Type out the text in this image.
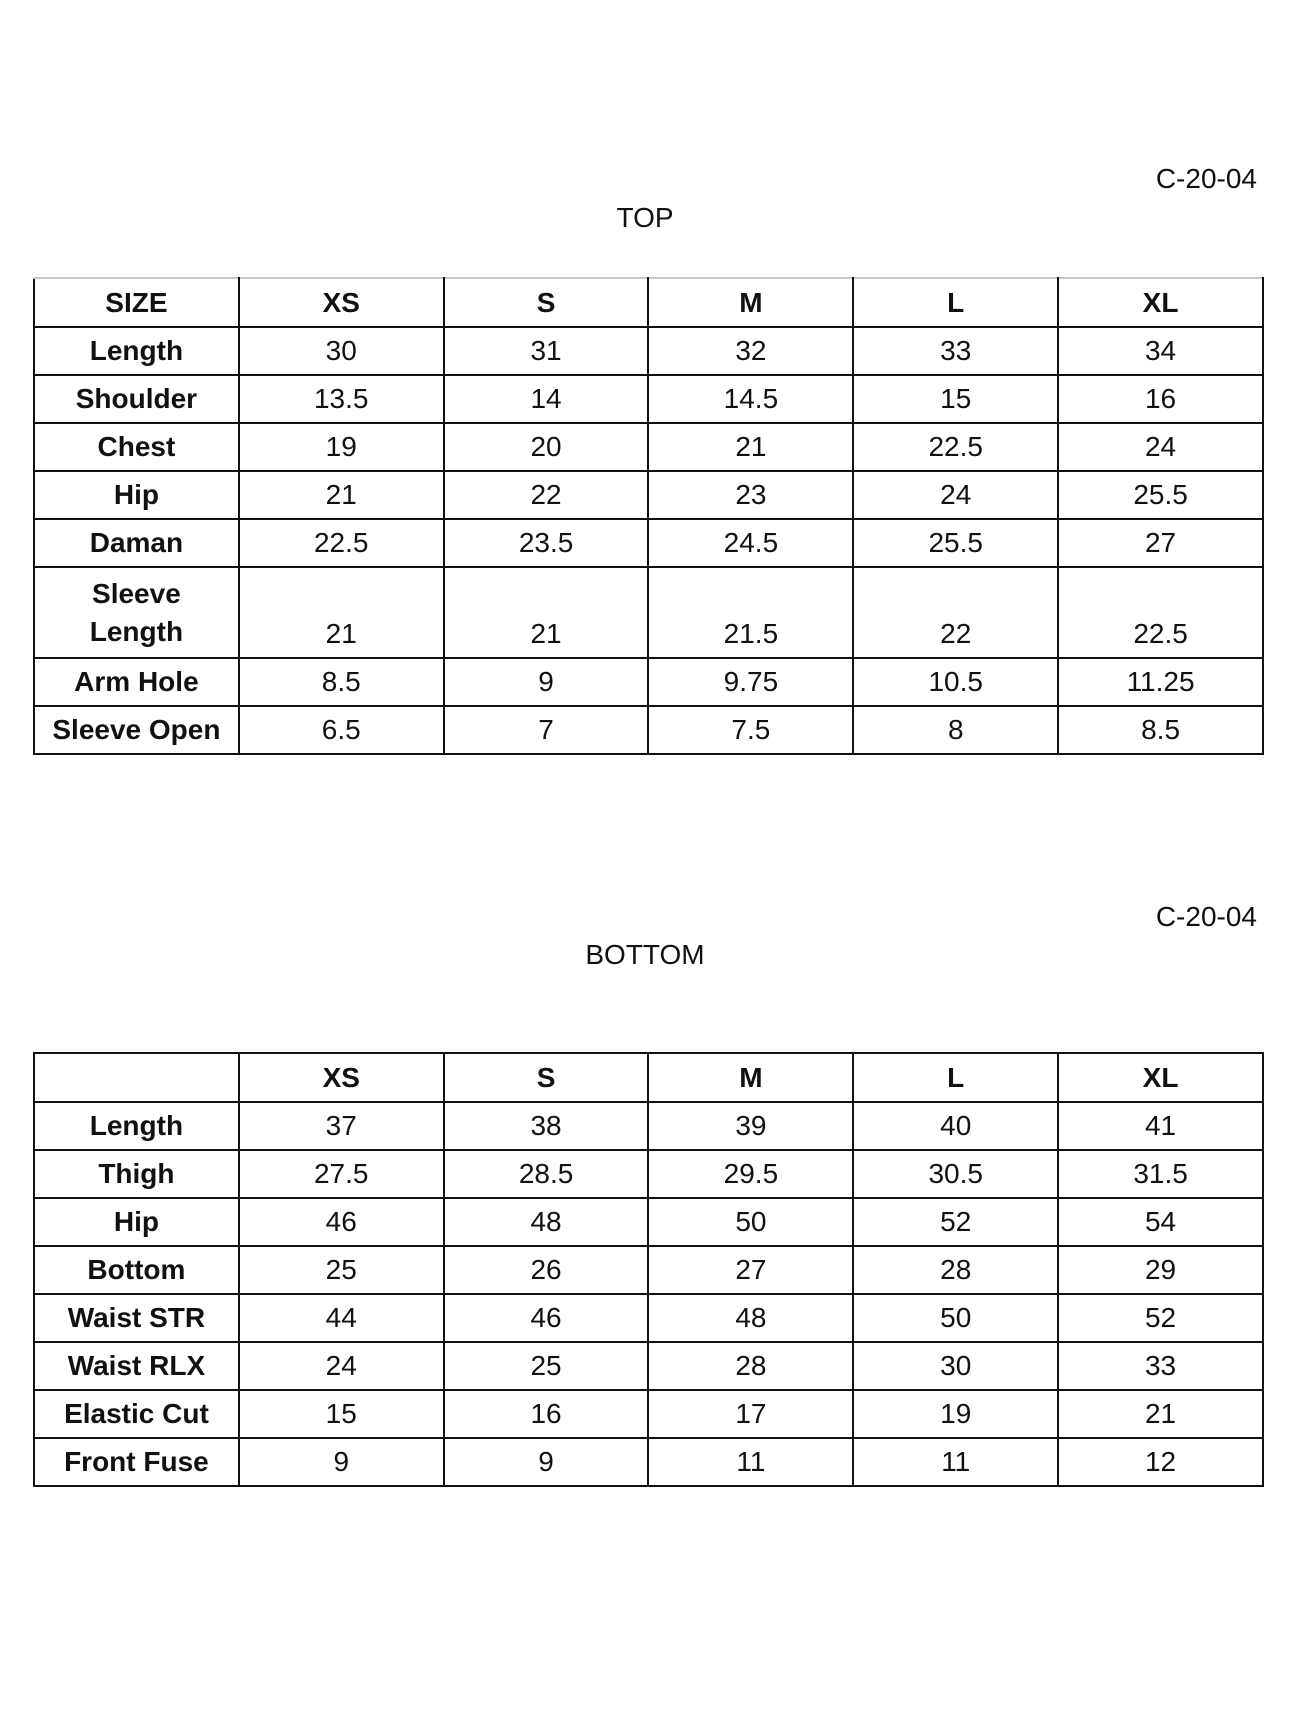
C-20-04
TOP
SIZE	XS	S	M	L	XL
Length	30	31	32	33	34
Shoulder	13.5	14	14.5	15	16
Chest	19	20	21	22.5	24
Hip	21	22	23	24	25.5
Daman	22.5	23.5	24.5	25.5	27

Sleeve
Length	21	21	21.5	22	22.5
Arm Hole	8.5	9	9.75	10.5	11.25
Sleeve Open	6.5	7	7.5	8	8.5
C-20-04
BOTTOM
	XS	S	M	L	XL
Length	37	38	39	40	41
Thigh	27.5	28.5	29.5	30.5	31.5
Hip	46	48	50	52	54
Bottom	25	26	27	28	29
Waist STR	44	46	48	50	52
Waist RLX	24	25	28	30	33
Elastic Cut	15	16	17	19	21
Front Fuse	9	9	11	11	12
